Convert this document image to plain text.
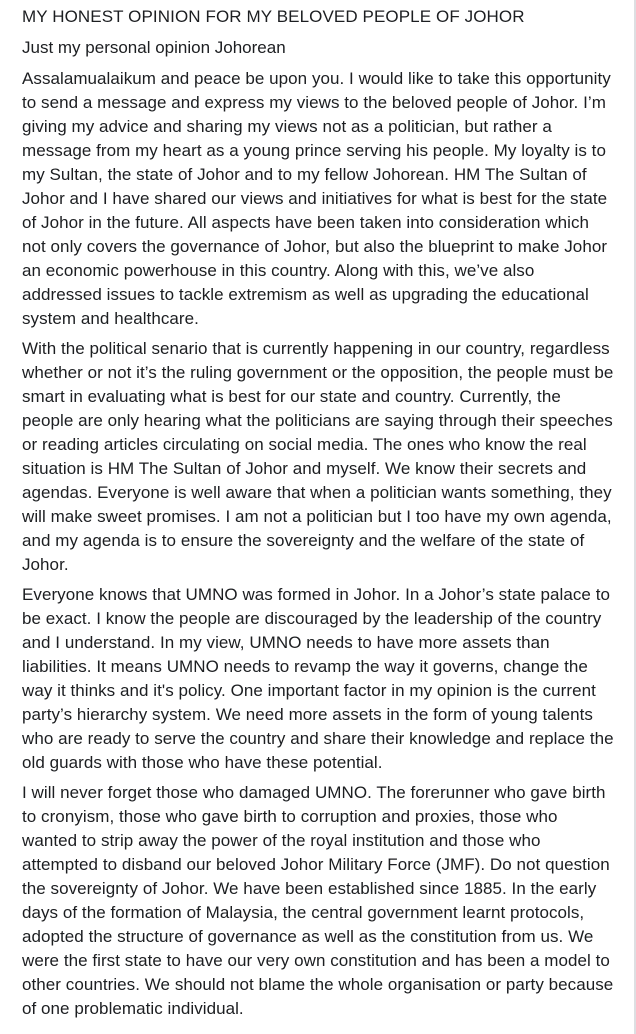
MY HONEST OPINION FOR MY BELOVED PEOPLE OF JOHOR
Just my personal opinion Johorean

Assalamualaikum and peace be upon you. I would like to take this opportunity to send a message and express my views to the beloved people of Johor. I’m giving my advice and sharing my views not as a politician, but rather a message from my heart as a young prince serving his people. My loyalty is to my Sultan, the state of Johor and to my fellow Johorean. HM The Sultan of Johor and I have shared our views and initiatives for what is best for the state of Johor in the future. All aspects have been taken into consideration which not only covers the governance of Johor, but also the blueprint to make Johor an economic powerhouse in this country. Along with this, we’ve also addressed issues to tackle extremism as well as upgrading the educational system and healthcare.

With the political senario that is currently happening in our country, regardless whether or not it’s the ruling government or the opposition, the people must be smart in evaluating what is best for our state and country. Currently, the people are only hearing what the politicians are saying through their speeches or reading articles circulating on social media. The ones who know the real situation is HM The Sultan of Johor and myself. We know their secrets and agendas. Everyone is well aware that when a politician wants something, they will make sweet promises. I am not a politician but I too have my own agenda, and my agenda is to ensure the sovereignty and the welfare of the state of Johor.

Everyone knows that UMNO was formed in Johor. In a Johor’s state palace to be exact. I know the people are discouraged by the leadership of the country and I understand. In my view, UMNO needs to have more assets than liabilities. It means UMNO needs to revamp the way it governs, change the way it thinks and it's policy. One important factor in my opinion is the current party’s hierarchy system. We need more assets in the form of young talents who are ready to serve the country and share their knowledge and replace the old guards with those who have these potential.

I will never forget those who damaged UMNO. The forerunner who gave birth to cronyism, those who gave birth to corruption and proxies, those who wanted to strip away the power of the royal institution and those who attempted to disband our beloved Johor Military Force (JMF). Do not question the sovereignty of Johor. We have been established since 1885. In the early days of the formation of Malaysia, the central government learnt protocols, adopted the structure of governance as well as the constitution from us. We were the first state to have our very own constitution and has been a model to other countries. We should not blame the whole organisation or party because of one problematic individual.
